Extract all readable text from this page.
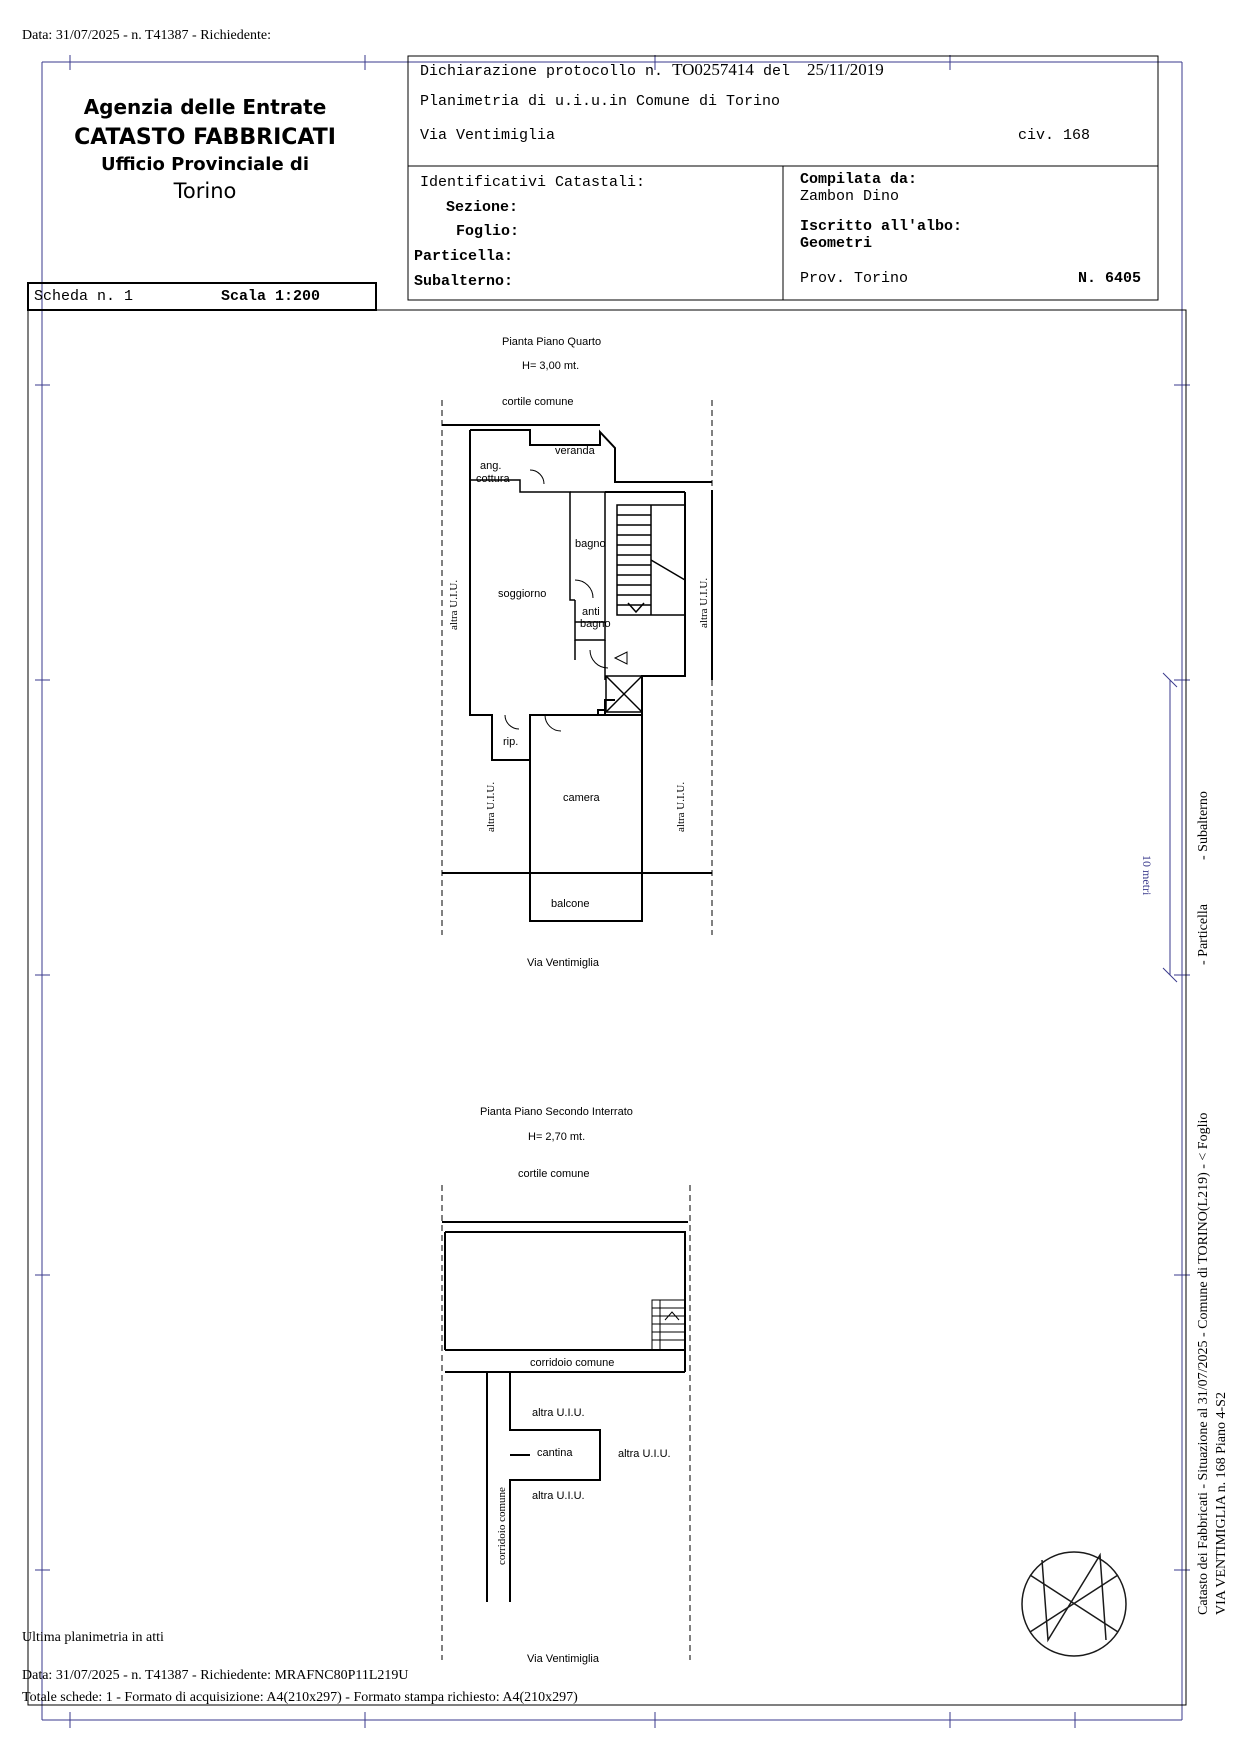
Data: 31/07/2025 - n. T41387 - Richiedente:
Agenzia delle Entrate
CATASTO FABBRICATI
Ufficio Provinciale di
Torino
Dichiarazione protocollo n. TO0257414 del 25/11/2019
Planimetria di u.i.u.in Comune di Torino
Via Ventimiglia	civ. 168
Identificativi Catastali:
Sezione:
Foglio:
Particella:
Subalterno:
Compilata da:
Zambon Dino
Iscritto all'albo:
Geometri
Prov. Torino	N. 6405
Scheda n. 1	Scala 1:200
Pianta Piano Quarto
H= 3,00 mt.
cortile comune
veranda
ang.
cottura
bagno
soggiorno
anti
bagno
rip.
camera
balcone
altra U.I.U.	altra U.I.U.
altra U.I.U.	altra U.I.U.
Via Ventimiglia
Pianta Piano Secondo Interrato
H= 2,70 mt.
cortile comune
corridoio comune
altra U.I.U.
cantina	altra U.I.U.
altra U.I.U.
corridoio comune
Via Ventimiglia
Catasto dei Fabbricati - Situazione al 31/07/2025 - Comune di TORINO(L219) - < Foglio
- Particella
- Subalterno
VIA VENTIMIGLIA n. 168 Piano 4-S2
10 metri
Ultima planimetria in atti
Data: 31/07/2025 - n. T41387 - Richiedente: MRAFNC80P11L219U
Totale schede: 1 - Formato di acquisizione: A4(210x297) - Formato stampa richiesto: A4(210x297)
